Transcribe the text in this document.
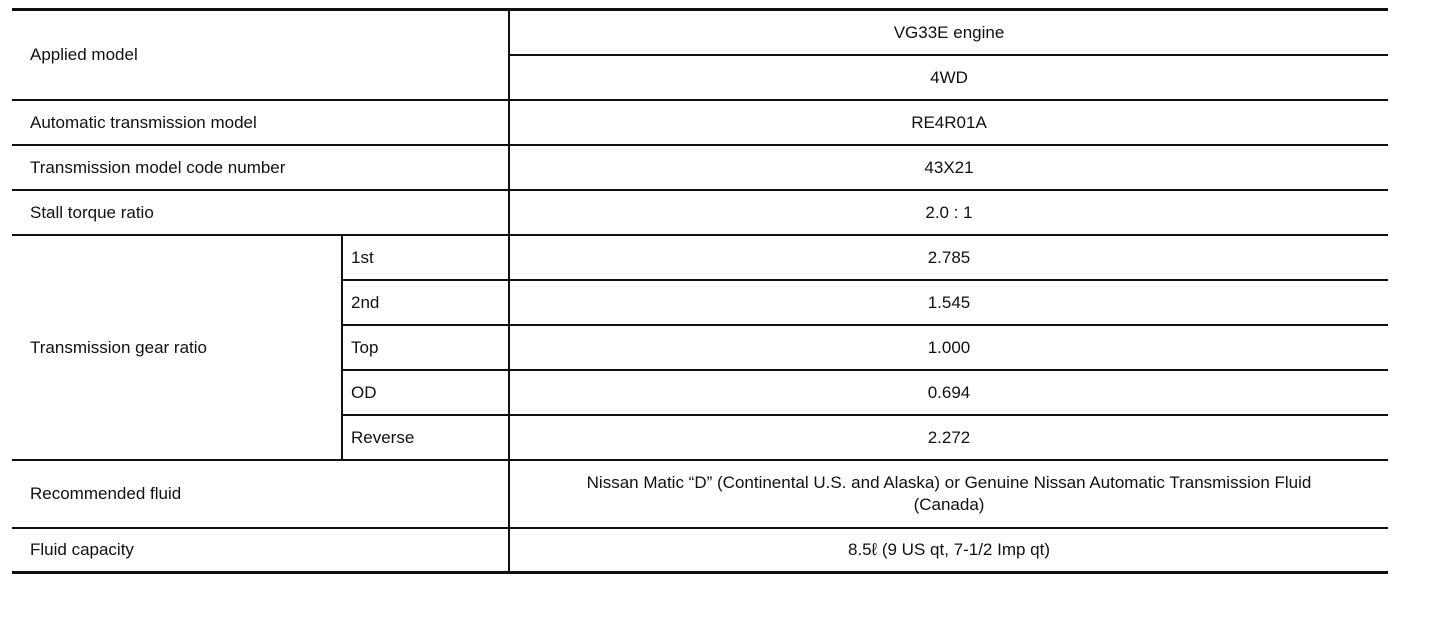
Applied model		VG33E engine
		4WD
Automatic transmission model		RE4R01A
Transmission model code number		43X21
Stall torque ratio		2.0 : 1
Transmission gear ratio	1st	2.785
	2nd	1.545
	Top	1.000
	OD	0.694
	Reverse	2.272
Recommended fluid		Nissan Matic “D” (Continental U.S. and Alaska) or Genuine Nissan Automatic Transmission Fluid (Canada)
Fluid capacity		8.5ℓ (9 US qt, 7-1/2 Imp qt)
